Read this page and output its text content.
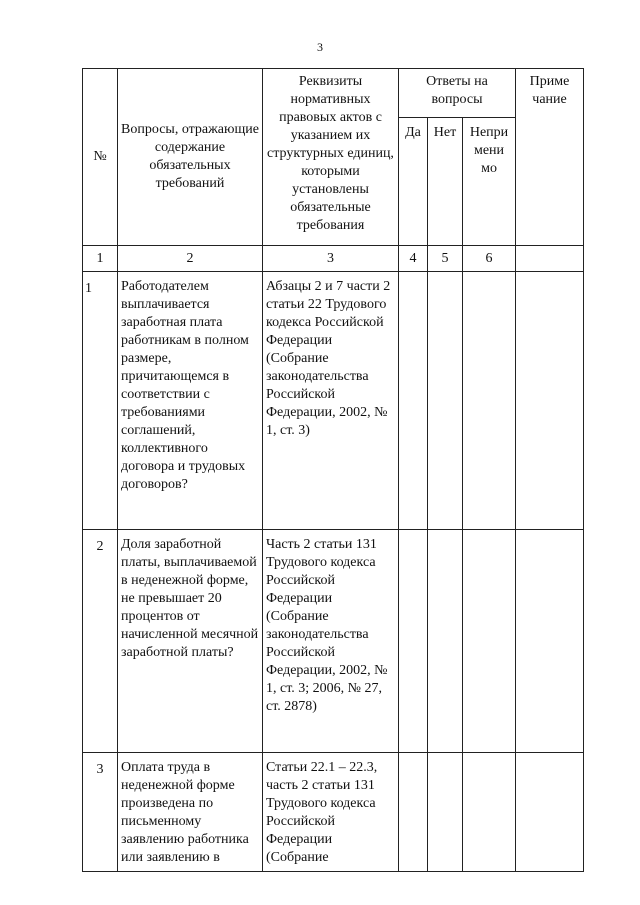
3
№	Вопросы, отражающие содержание обязательных требований	Реквизиты нормативных правовых актов с указанием их структурных единиц, которыми установлены обязательные требования	Ответы на вопросы			Приме чание

			Да	Нет	Непри мени мо	

1	2	3	4	5	6	
1	Работодателем выплачивается заработная плата работникам в полном размере, причитающемся в соответствии с требованиями соглашений, коллективного договора и трудовых договоров?	Абзацы 2 и 7 части 2 статьи 22 Трудового кодекса Российской Федерации (Собрание законодательства Российской Федерации, 2002, № 1, ст. 3)				
2	Доля заработной платы, выплачиваемой в неденежной форме, не превышает 20 процентов от начисленной месячной заработной платы?	Часть 2 статьи 131 Трудового кодекса Российской Федерации (Собрание законодательства Российской Федерации, 2002, № 1, ст. 3; 2006, № 27, ст. 2878)				
3	Оплата труда в неденежной форме произведена по письменному заявлению работника или заявлению в	Статьи 22.1 – 22.3, часть 2 статьи 131 Трудового кодекса Российской Федерации (Собрание				
